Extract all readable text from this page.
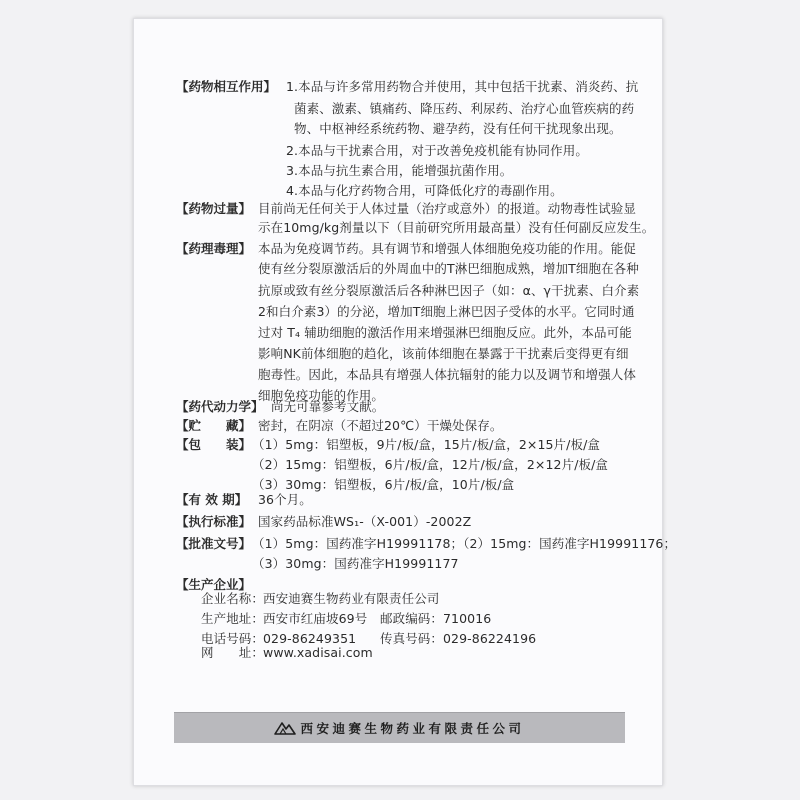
【药物相互作用】 1.本品与许多常用药物合并使用，其中包括干扰素、消炎药、抗
菌素、激素、镇痛药、降压药、利尿药、治疗心血管疾病的药
物、中枢神经系统药物、避孕药，没有任何干扰现象出现。
2.本品与干扰素合用，对于改善免疫机能有协同作用。
3.本品与抗生素合用，能增强抗菌作用。
4.本品与化疗药物合用，可降低化疗的毒副作用。
【药物过量】 目前尚无任何关于人体过量（治疗或意外）的报道。动物毒性试验显
示在10mg/kg剂量以下（目前研究所用最高量）没有任何副反应发生。
【药理毒理】 本品为免疫调节药。具有调节和增强人体细胞免疫功能的作用。能促
使有丝分裂原激活后的外周血中的T淋巴细胞成熟，增加T细胞在各种
抗原或致有丝分裂原激活后各种淋巴因子（如：α、γ干扰素、白介素
2和白介素3）的分泌，增加T细胞上淋巴因子受体的水平。它同时通
过对 T₄ 辅助细胞的激活作用来增强淋巴细胞反应。此外，本品可能
影响NK前体细胞的趋化，该前体细胞在暴露于干扰素后变得更有细
胞毒性。因此，本品具有增强人体抗辐射的能力以及调节和增强人体
细胞免疫功能的作用。
【药代动力学】 尚无可靠参考文献。
【贮　　藏】 密封，在阴凉（不超过20℃）干燥处保存。
【包　　装】 （1）5mg：铝塑板，9片/板/盒，15片/板/盒，2×15片/板/盒
（2）15mg：铝塑板，6片/板/盒，12片/板/盒，2×12片/板/盒
（3）30mg：铝塑板，6片/板/盒，10片/板/盒
【有 效 期】 36个月。
【执行标准】 国家药品标准WS₁-（X-001）-2002Z
【批准文号】 （1）5mg：国药准字H19991178；（2）15mg：国药准字H19991176；
（3）30mg：国药准字H19991177
【生产企业】
企业名称：
西安迪赛生物药业有限责任公司
生产地址：
西安市红庙坡69号 邮政编码： 710016
电话号码：
029-86249351 传真号码： 029-86224196
网　　址：
www.xadisai.com
西安迪赛生物药业有限责任公司
